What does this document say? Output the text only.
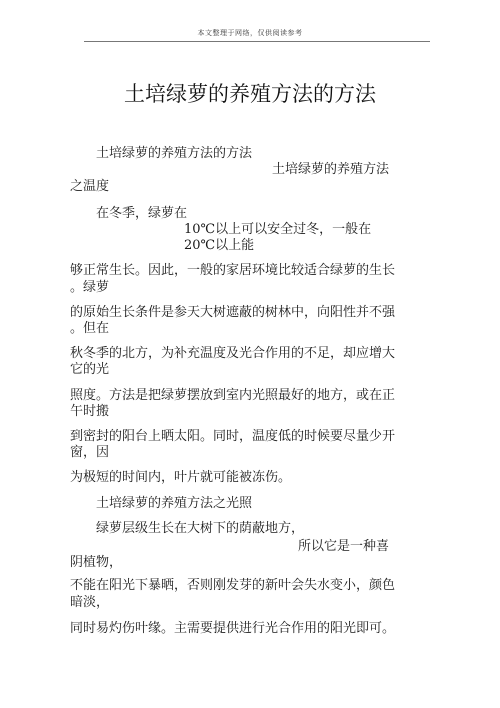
本文整理于网络，仅供阅读参考
土培绿萝的养殖方法的方法
土培绿萝的养殖方法的方法
土培绿萝的养殖方法
之温度
在冬季，绿萝在
10℃以上可以安全过冬，一般在
20℃以上能
够正常生长。因此，一般的家居环境比较适合绿萝的生长
。绿萝
的原始生长条件是参天大树遮蔽的树林中，向阳性并不强
。但在
秋冬季的北方，为补充温度及光合作用的不足，却应增大
它的光
照度。方法是把绿萝摆放到室内光照最好的地方，或在正
午时搬
到密封的阳台上晒太阳。同时，温度低的时候要尽量少开
窗，因
为极短的时间内，叶片就可能被冻伤。
土培绿萝的养殖方法之光照
绿萝层级生长在大树下的荫蔽地方，
所以它是一种喜
阴植物，
不能在阳光下暴晒，否则刚发芽的新叶会失水变小，颜色
暗淡，
同时易灼伤叶缘。主需要提供进行光合作用的阳光即可。
